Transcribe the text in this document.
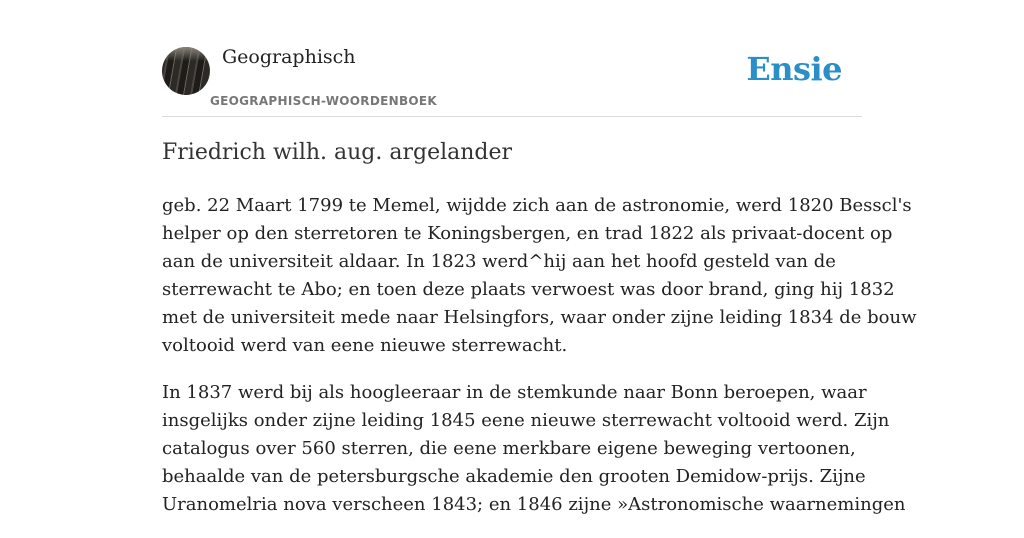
Geographisch
GEOGRAPHISCH-WOORDENBOEK
Ensie
Friedrich wilh. aug. argelander

geb. 22 Maart 1799 te Memel, wijdde zich aan de astronomie, werd 1820 Besscl's
helper op den sterretoren te Koningsbergen, en trad 1822 als privaat-docent op
aan de universiteit aldaar. In 1823 werd^hij aan het hoofd gesteld van de
sterrewacht te Abo; en toen deze plaats verwoest was door brand, ging hij 1832
met de universiteit mede naar Helsingfors, waar onder zijne leiding 1834 de bouw
voltooid werd van eene nieuwe sterrewacht.

In 1837 werd bij als hoogleeraar in de stemkunde naar Bonn beroepen, waar
insgelijks onder zijne leiding 1845 eene nieuwe sterrewacht voltooid werd. Zijn
catalogus over 560 sterren, die eene merkbare eigene beweging vertoonen,
behaalde van de petersburgsche akademie den grooten Demidow-prijs. Zijne
Uranomelria nova verscheen 1843; en 1846 zijne »Astronomische waarnemingen
